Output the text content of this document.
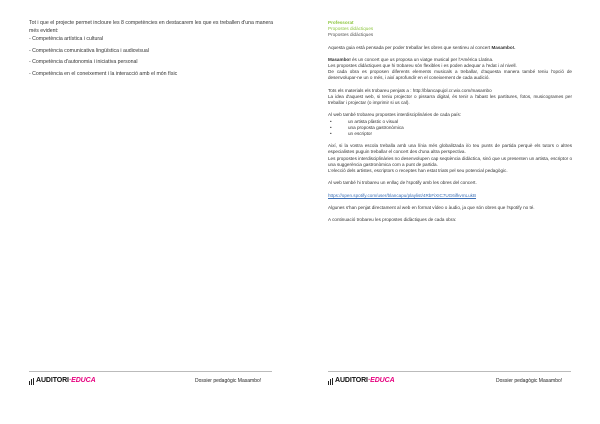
Tot i que el projecte permet incloure les 8 competències en destacarem les que es treballen d'una manera més evident:

- Competència artística i cultural
- Competència comunicativa lingüística i audiovisual
- Competència d'autonomia i iniciativa personal
- Competència en el coneixement i la interacció amb el món físic
AUDITORI ·EDUCA	Dossier pedagògic Masambo!

Professorat

Propostes didàctiques

Propostes didàctiques

Aquesta guia està pensada per poder treballar les obres que sentireu al concert Masambo!.

Masambo! és un concert que us proposa un viatge musical per l'Amèrica Llatina.

Les propostes didàctiques que hi trobareu són flexibles i es poden adequar a l'edat i al nivell.

De cada obra es proposen diferents elements musicals a treballar, d'aquesta manera també teniu l'opció de desenvolupar-ne un o més, i així aprofundir en el coneixement de cada audició.

Tots els materials els trobareu penjats a : http://blancapujol.cr.wix.com/masambo

La idea d'aquest web, si teniu projector o pissarra digital, és tenir a l'abast les partitures, fotos, musicogrames per treballar i projectar (o imprimir si us cal).

Al web també trobareu propostes interdisciplinàries de cada país:

• un artista plàstic o visual
• una proposta gastronòmica
• un escriptor

Així, si la vostra escola treballa amb una línia més globalitzada i/o teu punts de partida perquè els tutors o altres especialistes puguin treballar el concert des d'una altra perspectiva.

Les propostes interdisciplinàries no desenvolupen cap seqüència didàctica, sinó que us presenten un artista, escriptor o una suggerència gastronòmica com a punt de partida.

L'elecció dels artistes, escriptors o receptes han estat triats pel seu potencial pedagògic.

Al web també hi trobareu un enllaç de l'spotify amb les obres del concert.

https://open.spotify.com/user/blancapu/playlist/4RbFiXIC7UG6ifkvmLukB

Algunes s'han penjat directament al web en format vídeo o àudio, ja que són obres que l'spotify no té.

A continuació trobareu les propostes didàctiques de cada obra:

AUDITORI ·EDUCA	Dossier pedagògic Masambo!
